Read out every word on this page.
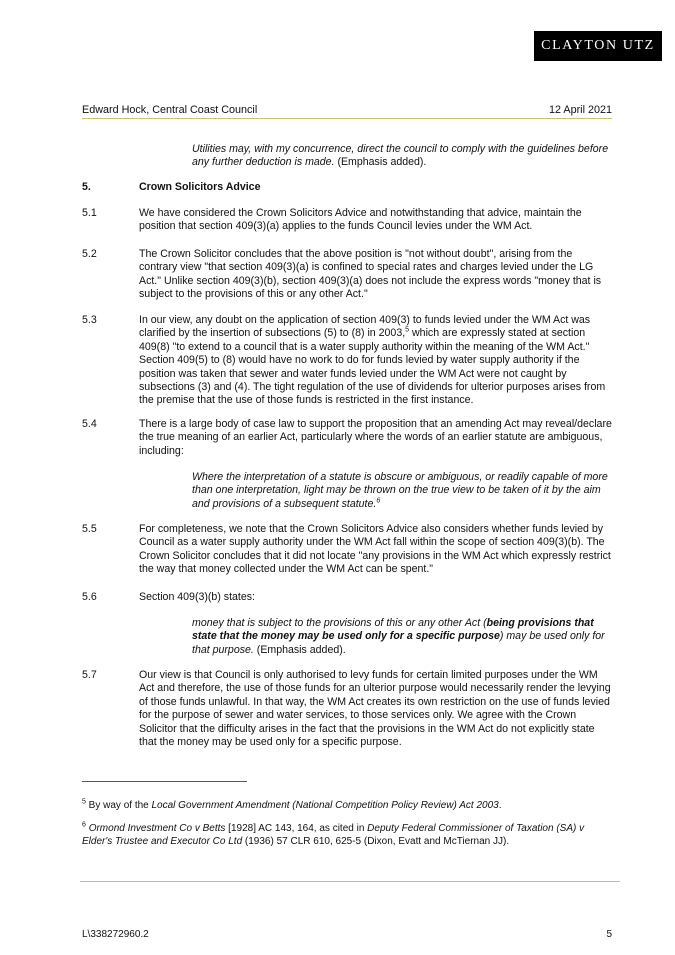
CLAYTON UTZ
Edward Hock, Central Coast Council	12 April 2021
Utilities may, with my concurrence, direct the council to comply with the guidelines before any further deduction is made. (Emphasis added).
5.	Crown Solicitors Advice
5.1	We have considered the Crown Solicitors Advice and notwithstanding that advice, maintain the position that section 409(3)(a) applies to the funds Council levies under the WM Act.
5.2	The Crown Solicitor concludes that the above position is "not without doubt", arising from the contrary view "that section 409(3)(a) is confined to special rates and charges levied under the LG Act." Unlike section 409(3)(b), section 409(3)(a) does not include the express words "money that is subject to the provisions of this or any other Act."
5.3	In our view, any doubt on the application of section 409(3) to funds levied under the WM Act was clarified by the insertion of subsections (5) to (8) in 2003,$^5$ which are expressly stated at section 409(8) "to extend to a council that is a water supply authority within the meaning of the WM Act." Section 409(5) to (8) would have no work to do for funds levied by water supply authority if the position was taken that sewer and water funds levied under the WM Act were not caught by subsections (3) and (4). The tight regulation of the use of dividends for ulterior purposes arises from the premise that the use of those funds is restricted in the first instance.
5.4	There is a large body of case law to support the proposition that an amending Act may reveal/declare the true meaning of an earlier Act, particularly where the words of an earlier statute are ambiguous, including:
Where the interpretation of a statute is obscure or ambiguous, or readily capable of more than one interpretation, light may be thrown on the true view to be taken of it by the aim and provisions of a subsequent statute.$^6$
5.5	For completeness, we note that the Crown Solicitors Advice also considers whether funds levied by Council as a water supply authority under the WM Act fall within the scope of section 409(3)(b). The Crown Solicitor concludes that it did not locate "any provisions in the WM Act which expressly restrict the way that money collected under the WM Act can be spent."
5.6	Section 409(3)(b) states:
money that is subject to the provisions of this or any other Act (being provisions that state that the money may be used only for a specific purpose) may be used only for that purpose. (Emphasis added).
5.7	Our view is that Council is only authorised to levy funds for certain limited purposes under the WM Act and therefore, the use of those funds for an ulterior purpose would necessarily render the levying of those funds unlawful. In that way, the WM Act creates its own restriction on the use of funds levied for the purpose of sewer and water services, to those services only. We agree with the Crown Solicitor that the difficulty arises in the fact that the provisions in the WM Act do not explicitly state that the money may be used only for a specific purpose.
$^5$ By way of the Local Government Amendment (National Competition Policy Review) Act 2003.
$^6$ Ormond Investment Co v Betts [1928] AC 143, 164, as cited in Deputy Federal Commissioner of Taxation (SA) v Elder's Trustee and Executor Co Ltd (1936) 57 CLR 610, 625-5 (Dixon, Evatt and McTiernan JJ).
L\338272960.2	5
